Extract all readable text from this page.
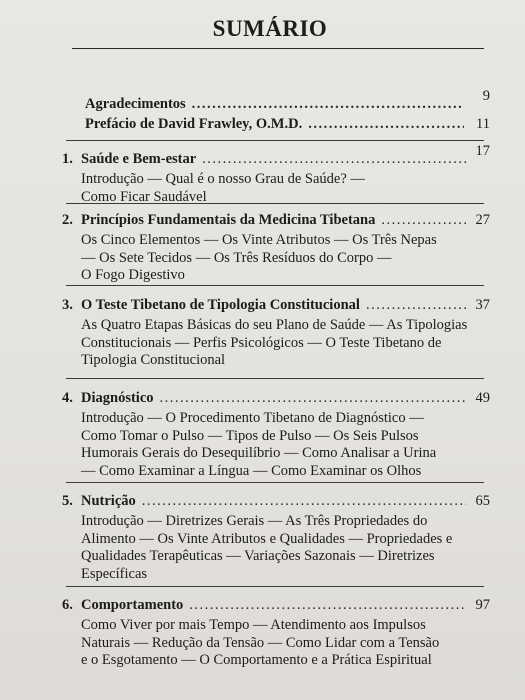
SUMÁRIO
Agradecimentos .....	9
Prefácio de David Frawley, O.M.D. .....	11
1. Saúde e Bem-estar .....	17
Introdução — Qual é o nosso Grau de Saúde? —
Como Ficar Saudável
2. Princípios Fundamentais da Medicina Tibetana .....	27
Os Cinco Elementos — Os Vinte Atributos — Os Três Nepas
— Os Sete Tecidos — Os Três Resíduos do Corpo —
O Fogo Digestivo
3. O Teste Tibetano de Tipologia Constitucional .....	37
As Quatro Etapas Básicas do seu Plano de Saúde — As Tipologias
Constitucionais — Perfis Psicológicos — O Teste Tibetano de
Tipologia Constitucional
4. Diagnóstico .....	49
Introdução — O Procedimento Tibetano de Diagnóstico —
Como Tomar o Pulso — Tipos de Pulso — Os Seis Pulsos
Humorais Gerais do Desequilíbrio — Como Analisar a Urina
— Como Examinar a Língua — Como Examinar os Olhos
5. Nutrição .....	65
Introdução — Diretrizes Gerais — As Três Propriedades do
Alimento — Os Vinte Atributos e Qualidades — Propriedades e
Qualidades Terapêuticas — Variações Sazonais — Diretrizes
Específicas
6. Comportamento .....	97
Como Viver por mais Tempo — Atendimento aos Impulsos
Naturais — Redução da Tensão — Como Lidar com a Tensão
e o Esgotamento — O Comportamento e a Prática Espiritual
